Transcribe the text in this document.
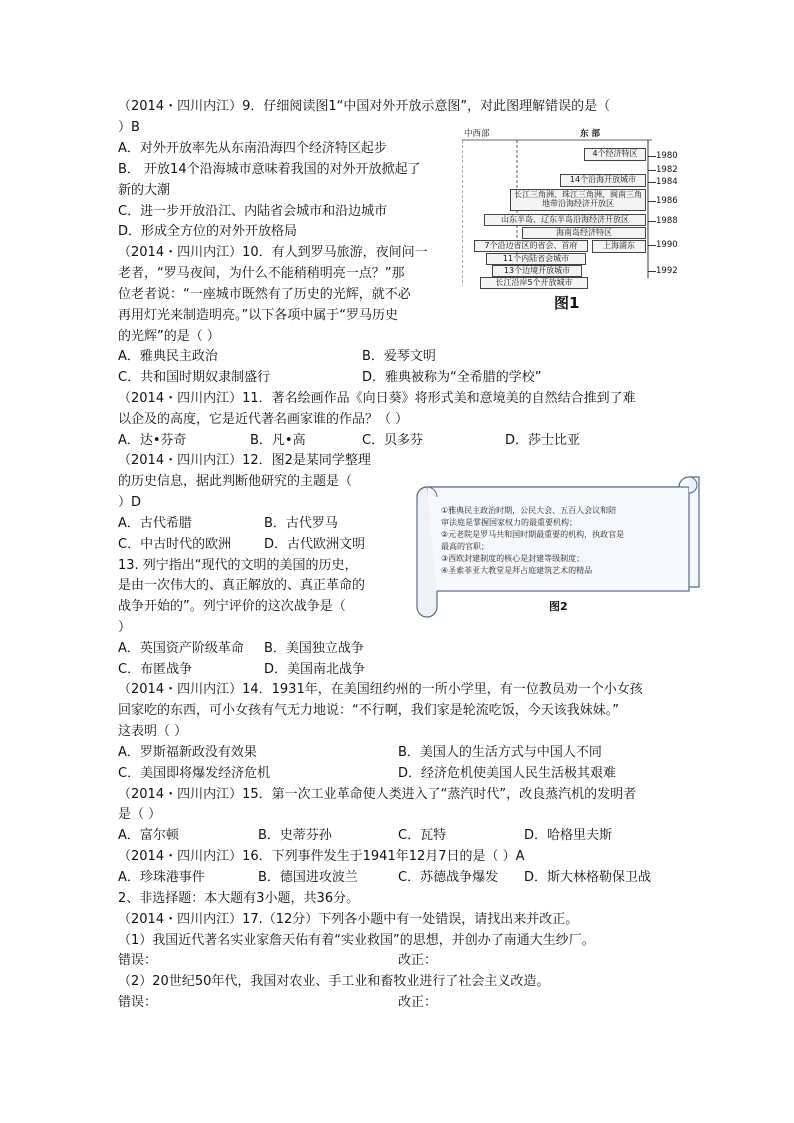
（2014・四川内江）9．仔细阅读图1“中国对外开放示意图”，对此图理解错误的是（
）B
A．对外开放率先从东南沿海四个经济特区起步
B． 开放14个沿海城市意味着我国的对外开放掀起了
新的大潮
C．进一步开放沿江、内陆省会城市和沿边城市
D．形成全方位的对外开放格局
（2014・四川内江）10．有人到罗马旅游，夜间问一
老者，“罗马夜间，为什么不能稍稍明亮一点？”那
位老者说：“一座城市既然有了历史的光辉，就不必
再用灯光来制造明亮。”以下各项中属于“罗马历史
的光辉”的是（ ）
A．雅典民主政治	B．爱琴文明
C．共和国时期奴隶制盛行	D．雅典被称为“全希腊的学校”
（2014・四川内江）11．著名绘画作品《向日葵》将形式美和意境美的自然结合推到了难
以企及的高度，它是近代著名画家谁的作品？（ ）
A．达•芬奇	B．凡•高	C．贝多芬	D．莎士比亚
（2014・四川内江）12．图2是某同学整理
的历史信息，据此判断他研究的主题是（
）D
A．古代希腊	B．古代罗马
C．中古时代的欧洲	D．古代欧洲文明
13. 列宁指出“现代的文明的美国的历史，
是由一次伟大的、真正解放的、真正革命的
战争开始的”。列宁评价的这次战争是（
）
A．英国资产阶级革命 B．美国独立战争
C．布匿战争	D．美国南北战争
（2014・四川内江）14．1931年，在美国纽约州的一所小学里，有一位教员劝一个小女孩
回家吃的东西，可小女孩有气无力地说：“不行啊，我们家是轮流吃饭，今天该我妹妹。”
这表明（ ）
A．罗斯福新政没有效果	B．美国人的生活方式与中国人不同
C．美国即将爆发经济危机	D．经济危机使美国人民生活极其艰难
（2014・四川内江）15．第一次工业革命使人类进入了“蒸汽时代”，改良蒸汽机的发明者
是（ ）
A．富尔顿	B．史蒂芬孙	C．瓦特	D．哈格里夫斯
（2014・四川内江）16．下列事件发生于1941年12月7日的是（ ）A
A．珍珠港事件	B．德国进攻波兰	C．苏德战争爆发 D．斯大林格勒保卫战
2、非选择题：本大题有3小题，共36分。
（2014・四川内江）17.（12分）下列各小题中有一处错误，请找出来并改正。
（1）我国近代著名实业家詹天佑有着“实业救国”的思想，并创办了南通大生纱厂。
错误：	改正：
（2）20世纪50年代，我国对农业、手工业和畜牧业进行了社会主义改造。
错误：	改正：
中西部	东 部
4个经济特区
14个沿海开放城市
长江三角洲、珠江三角洲、闽南三角地带沿海经济开放区
山东半岛、辽东半岛沿海经济开放区
海南岛经济特区
上海浦东
7个沿边省区的省会、首府
11个内陆省会城市
13个边境开放城市
长江沿岸5个开放城市
1980
1982
1984
1986
1988
1990
1992
图1
①雅典民主政治时期，公民大会、五百人会议和陪
审法庭是掌握国家权力的最重要机构；
②元老院是罗马共和国时期最重要的机构，执政官是
最高的官职；
③西欧封建制度的核心是封建等级制度；
④圣索菲亚大教堂是拜占庭建筑艺术的精品
图2
